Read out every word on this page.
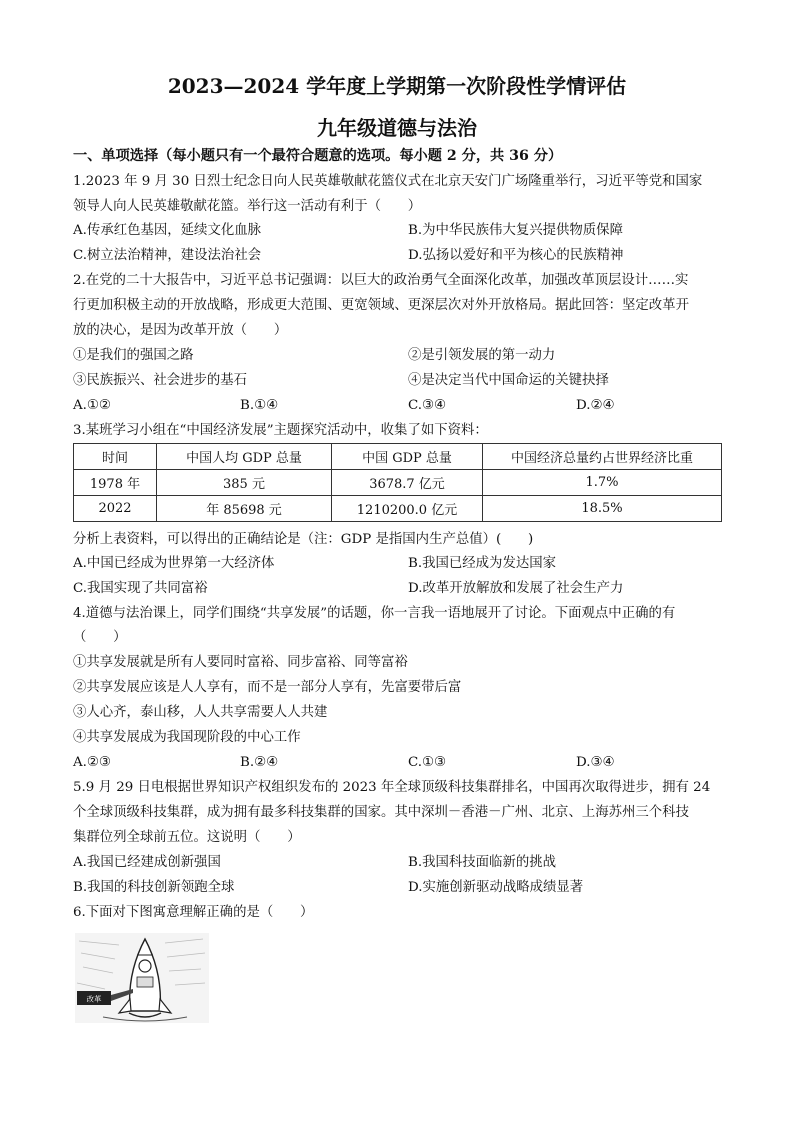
2023—2024 学年度上学期第一次阶段性学情评估
九年级道德与法治
一、单项选择（每小题只有一个最符合题意的选项。每小题 2 分，共 36 分）
1.2023 年 9 月 30 日烈士纪念日向人民英雄敬献花篮仪式在北京天安门广场隆重举行，习近平等党和国家
领导人向人民英雄敬献花篮。举行这一活动有利于（　　）
A.传承红色基因，延续文化血脉	B.为中华民族伟大复兴提供物质保障
C.树立法治精神，建设法治社会	D.弘扬以爱好和平为核心的民族精神
2.在党的二十大报告中，习近平总书记强调：以巨大的政治勇气全面深化改革，加强改革顶层设计……实
行更加积极主动的开放战略，形成更大范围、更宽领域、更深层次对外开放格局。据此回答：坚定改革开
放的决心，是因为改革开放（　　）
①是我们的强国之路	②是引领发展的第一动力
③民族振兴、社会进步的基石	④是决定当代中国命运的关键抉择
A.①②	B.①④	C.③④	D.②④
3.某班学习小组在“中国经济发展”主题探究活动中，收集了如下资料：
时间	中国人均 GDP 总量	中国 GDP 总量	中国经济总量约占世界经济比重
1978 年	385 元	3678.7 亿元	1.7%
2022	年 85698 元	1210200.0 亿元	18.5%
分析上表资料，可以得出的正确结论是（注：GDP 是指国内生产总值）(　　)
A.中国已经成为世界第一大经济体	B.我国已经成为发达国家
C.我国实现了共同富裕	D.改革开放解放和发展了社会生产力
4.道德与法治课上，同学们围绕“共享发展”的话题，你一言我一语地展开了讨论。下面观点中正确的有
（　　）
①共享发展就是所有人要同时富裕、同步富裕、同等富裕
②共享发展应该是人人享有，而不是一部分人享有，先富要带后富
③人心齐，泰山移，人人共享需要人人共建
④共享发展成为我国现阶段的中心工作
A.②③	B.②④	C.①③	D.③④
5.9 月 29 日电根据世界知识产权组织发布的 2023 年全球顶级科技集群排名，中国再次取得进步，拥有 24
个全球顶级科技集群，成为拥有最多科技集群的国家。其中深圳－香港－广州、北京、上海苏州三个科技
集群位列全球前五位。这说明（　　）
A.我国已经建成创新强国	B.我国科技面临新的挑战
B.我国的科技创新领跑全球	D.实施创新驱动战略成绩显著
6.下面对下图寓意理解正确的是（　　）
改革
